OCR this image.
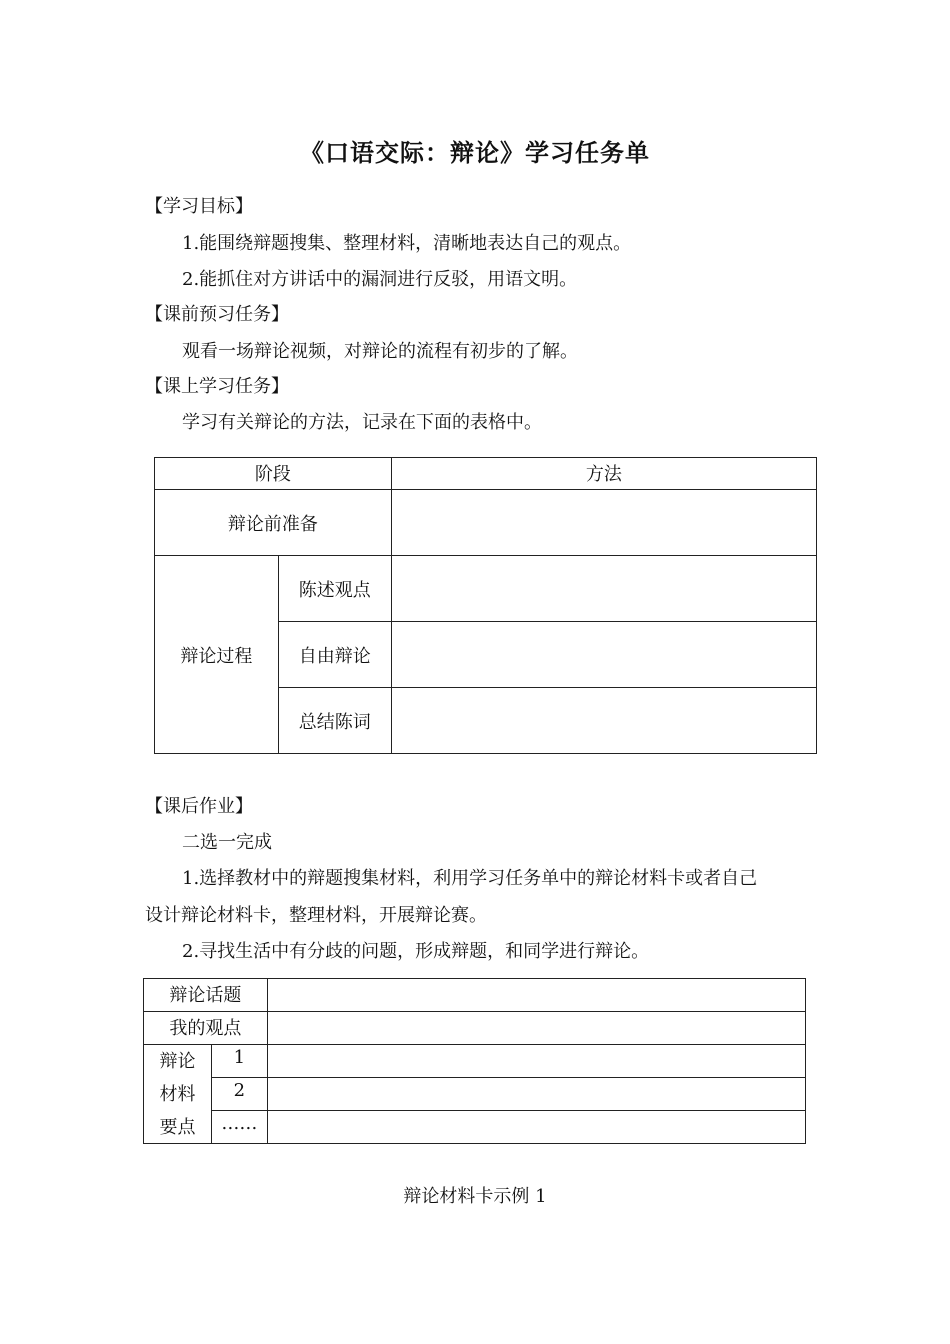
《口语交际：辩论》学习任务单
【学习目标】
1.能围绕辩题搜集、整理材料，清晰地表达自己的观点。
2.能抓住对方讲话中的漏洞进行反驳，用语文明。
【课前预习任务】
观看一场辩论视频，对辩论的流程有初步的了解。
【课上学习任务】
学习有关辩论的方法，记录在下面的表格中。
阶段		方法
辩论前准备		
辩论过程	陈述观点	
	自由辩论	
	总结陈词	
【课后作业】
二选一完成
1.选择教材中的辩题搜集材料，利用学习任务单中的辩论材料卡或者自己
设计辩论材料卡，整理材料，开展辩论赛。
2.寻找生活中有分歧的问题，形成辩题，和同学进行辩论。
辩论话题		
我的观点		
辩论	1	
材料	2	
要点	……	
辩论材料卡示例 1
